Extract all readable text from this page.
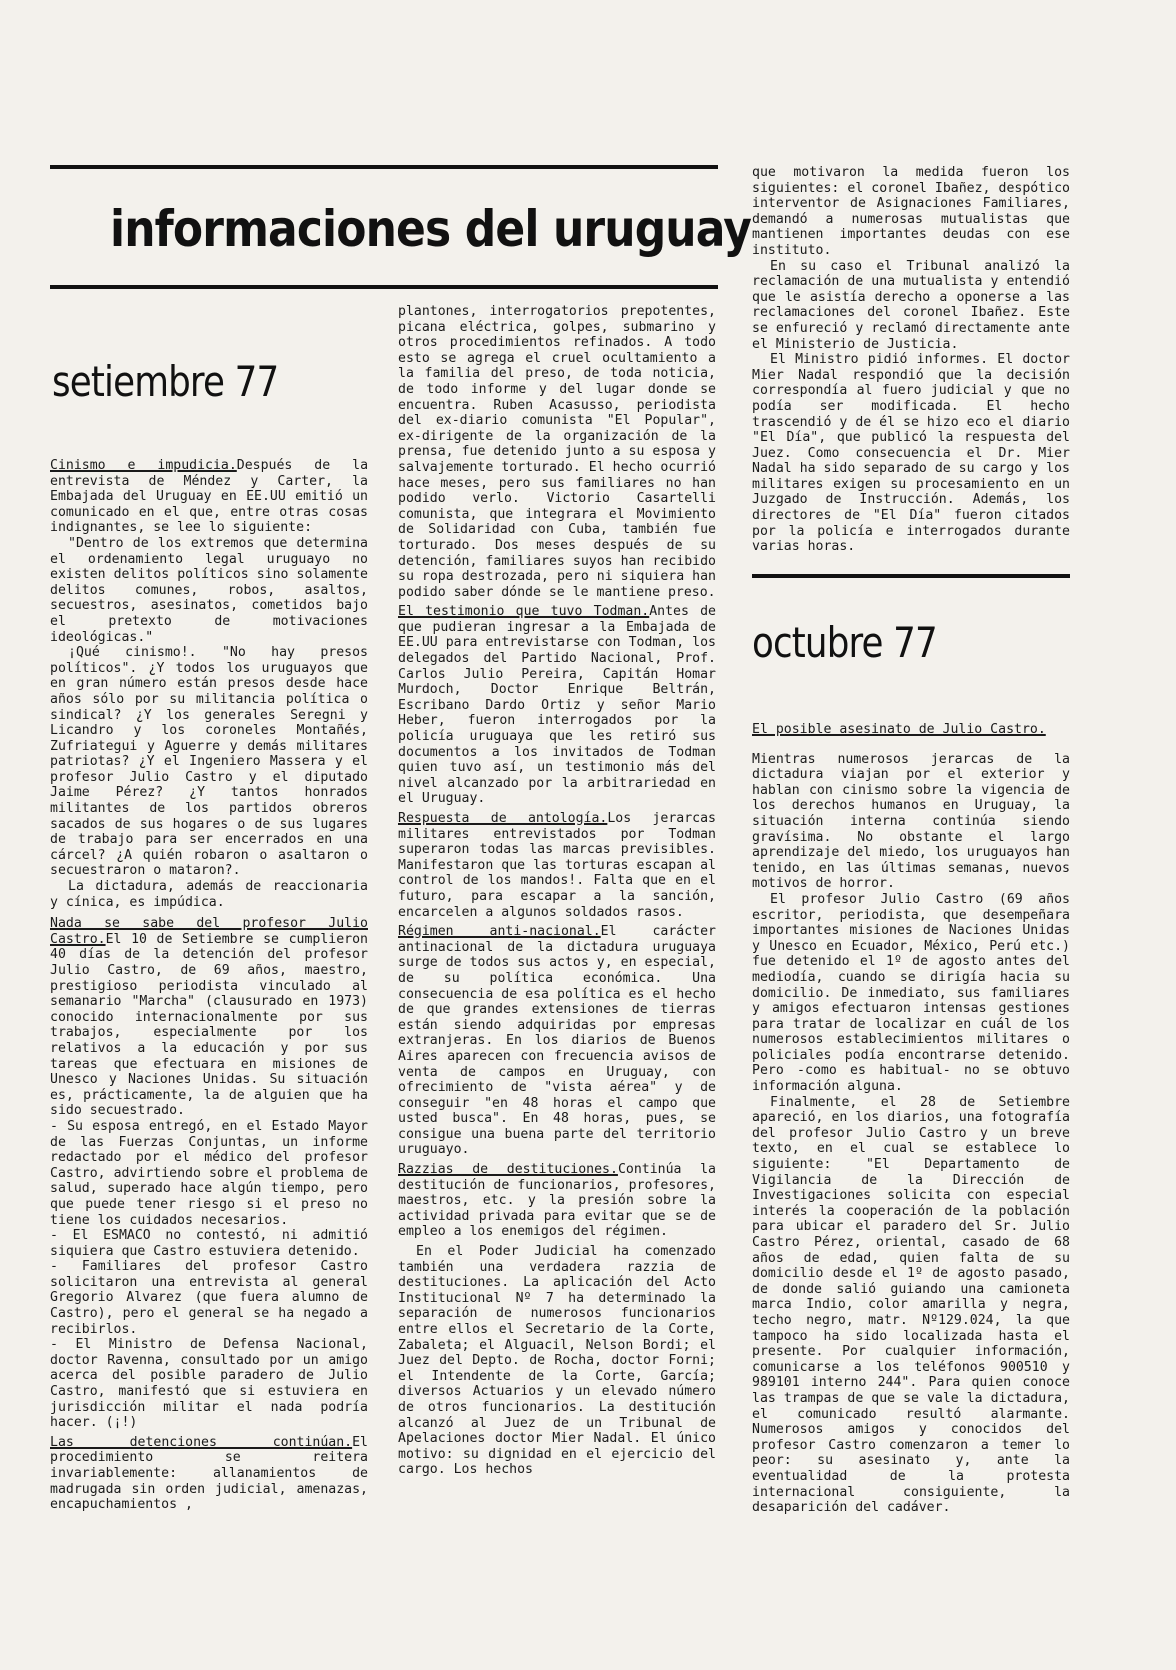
informaciones del uruguay
setiembre 77
octubre 77

Cinismo e impudicia.Después de la entrevista de Méndez y Carter, la Embajada del Uruguay en EE.UU emitió un comunicado en el que, entre otras cosas indignantes, se lee lo siguiente:

"Dentro de los extremos que determina el ordenamiento legal uruguayo no existen delitos políticos sino solamente delitos comunes, robos, asaltos, secuestros, asesinatos, cometidos bajo el pretexto de motivaciones ideológicas."

¡Qué cinismo!. "No hay presos políticos". ¿Y todos los uruguayos que en gran número están presos desde hace años sólo por su militancia política o sindical? ¿Y los generales Seregni y Licandro y los coroneles Montañés, Zufriategui y Aguerre y demás militares patriotas? ¿Y el Ingeniero Massera y el profesor Julio Castro y el diputado Jaime Pérez? ¿Y tantos honrados militantes de los partidos obreros sacados de sus hogares o de sus lugares de trabajo para ser encerrados en una cárcel? ¿A quién robaron o asaltaron o secuestraron o mataron?.

La dictadura, además de reaccionaria y cínica, es impúdica.

Nada se sabe del profesor Julio Castro.El 10 de Setiembre se cumplieron 40 días de la detención del profesor Julio Castro, de 69 años, maestro, prestigioso periodista vinculado al semanario "Marcha" (clausurado en 1973) conocido internacionalmente por sus trabajos, especialmente por los relativos a la educación y por sus tareas que efectuara en misiones de Unesco y Naciones Unidas. Su situación es, prácticamente, la de alguien que ha sido secuestrado.

- Su esposa entregó, en el Estado Mayor de las Fuerzas Conjuntas, un informe redactado por el médico del profesor Castro, advirtiendo sobre el problema de salud, superado hace algún tiempo, pero que puede tener riesgo si el preso no tiene los cuidados necesarios.

- El ESMACO no contestó, ni admitió siquiera que Castro estuviera detenido.

- Familiares del profesor Castro solicitaron una entrevista al general Gregorio Alvarez (que fuera alumno de Castro), pero el general se ha negado a recibirlos.

- El Ministro de Defensa Nacional, doctor Ravenna, consultado por un amigo acerca del posible paradero de Julio Castro, manifestó que si estuviera en jurisdicción militar el nada podría hacer. (¡!)

Las detenciones continúan.El procedimiento se reitera invariablemente: allanamientos de madrugada sin orden judicial, amenazas, encapuchamientos ,

plantones, interrogatorios prepotentes, picana eléctrica, golpes, submarino y otros procedimientos refinados. A todo esto se agrega el cruel ocultamiento a la familia del preso, de toda noticia, de todo informe y del lugar donde se encuentra. Ruben Acasusso, periodista del ex-diario comunista "El Popular", ex-dirigente de la organización de la prensa, fue detenido junto a su esposa y salvajemente torturado. El hecho ocurrió hace meses, pero sus familiares no han podido verlo. Victorio Casartelli comunista, que integrara el Movimiento de Solidaridad con Cuba, también fue torturado. Dos meses después de su detención, familiares suyos han recibido su ropa destrozada, pero ni siquiera han podido saber dónde se le mantiene preso.

El testimonio que tuvo Todman.Antes de que pudieran ingresar a la Embajada de EE.UU para entrevistarse con Todman, los delegados del Partido Nacional, Prof. Carlos Julio Pereira, Capitán Homar Murdoch, Doctor Enrique Beltrán, Escribano Dardo Ortiz y señor Mario Heber, fueron interrogados por la policía uruguaya que les retiró sus documentos a los invitados de Todman quien tuvo así, un testimonio más del nivel alcanzado por la arbitrariedad en el Uruguay.

Respuesta de antología.Los jerarcas militares entrevistados por Todman superaron todas las marcas previsibles. Manifestaron que las torturas escapan al control de los mandos!. Falta que en el futuro, para escapar a la sanción, encarcelen a algunos soldados rasos.

Régimen anti-nacional.El carácter antinacional de la dictadura uruguaya surge de todos sus actos y, en especial, de su política económica. Una consecuencia de esa política es el hecho de que grandes extensiones de tierras están siendo adquiridas por empresas extranjeras. En los diarios de Buenos Aires aparecen con frecuencia avisos de venta de campos en Uruguay, con ofrecimiento de "vista aérea" y de conseguir "en 48 horas el campo que usted busca". En 48 horas, pues, se consigue una buena parte del territorio uruguayo.

Razzias de destituciones.Continúa la destitución de funcionarios, profesores, maestros, etc. y la presión sobre la actividad privada para evitar que se de empleo a los enemigos del régimen.

En el Poder Judicial ha comenzado también una verdadera razzia de destituciones. La aplicación del Acto Institucional Nº 7 ha determinado la separación de numerosos funcionarios entre ellos el Secretario de la Corte, Zabaleta; el Alguacil, Nelson Bordi; el Juez del Depto. de Rocha, doctor Forni; el Intendente de la Corte, García; diversos Actuarios y un elevado número de otros funcionarios. La destitución alcanzó al Juez de un Tribunal de Apelaciones doctor Mier Nadal. El único motivo: su dignidad en el ejercicio del cargo. Los hechos

que motivaron la medida fueron los siguientes: el coronel Ibañez, despótico interventor de Asignaciones Familiares, demandó a numerosas mutualistas que mantienen importantes deudas con ese instituto.

En su caso el Tribunal analizó la reclamación de una mutualista y entendió que le asistía derecho a oponerse a las reclamaciones del coronel Ibañez. Este se enfureció y reclamó directamente ante el Ministerio de Justicia.

El Ministro pidió informes. El doctor Mier Nadal respondió que la decisión correspondía al fuero judicial y que no podía ser modificada. El hecho trascendió y de él se hizo eco el diario "El Día", que publicó la respuesta del Juez. Como consecuencia el Dr. Mier Nadal ha sido separado de su cargo y los militares exigen su procesamiento en un Juzgado de Instrucción. Además, los directores de "El Día" fueron citados por la policía e interrogados durante varias horas.

El posible asesinato de Julio Castro.

Mientras numerosos jerarcas de la dictadura viajan por el exterior y hablan con cinismo sobre la vigencia de los derechos humanos en Uruguay, la situación interna continúa siendo gravísima. No obstante el largo aprendizaje del miedo, los uruguayos han tenido, en las últimas semanas, nuevos motivos de horror.

El profesor Julio Castro (69 años escritor, periodista, que desempeñara importantes misiones de Naciones Unidas y Unesco en Ecuador, México, Perú etc.) fue detenido el 1º de agosto antes del mediodía, cuando se dirigía hacia su domicilio. De inmediato, sus familiares y amigos efectuaron intensas gestiones para tratar de localizar en cuál de los numerosos establecimientos militares o policiales podía encontrarse detenido. Pero -como es habitual- no se obtuvo información alguna.

Finalmente, el 28 de Setiembre apareció, en los diarios, una fotografía del profesor Julio Castro y un breve texto, en el cual se establece lo siguiente: "El Departamento de Vigilancia de la Dirección de Investigaciones solicita con especial interés la cooperación de la población para ubicar el paradero del Sr. Julio Castro Pérez, oriental, casado de 68 años de edad, quien falta de su domicilio desde el 1º de agosto pasado, de donde salió guiando una camioneta marca Indio, color amarilla y negra, techo negro, matr. Nº129.024, la que tampoco ha sido localizada hasta el presente. Por cualquier información, comunicarse a los teléfonos 900510 y 989101 interno 244". Para quien conoce las trampas de que se vale la dictadura, el comunicado resultó alarmante. Numerosos amigos y conocidos del profesor Castro comenzaron a temer lo peor: su asesinato y, ante la eventualidad de la protesta internacional consiguiente, la desaparición del cadáver.
